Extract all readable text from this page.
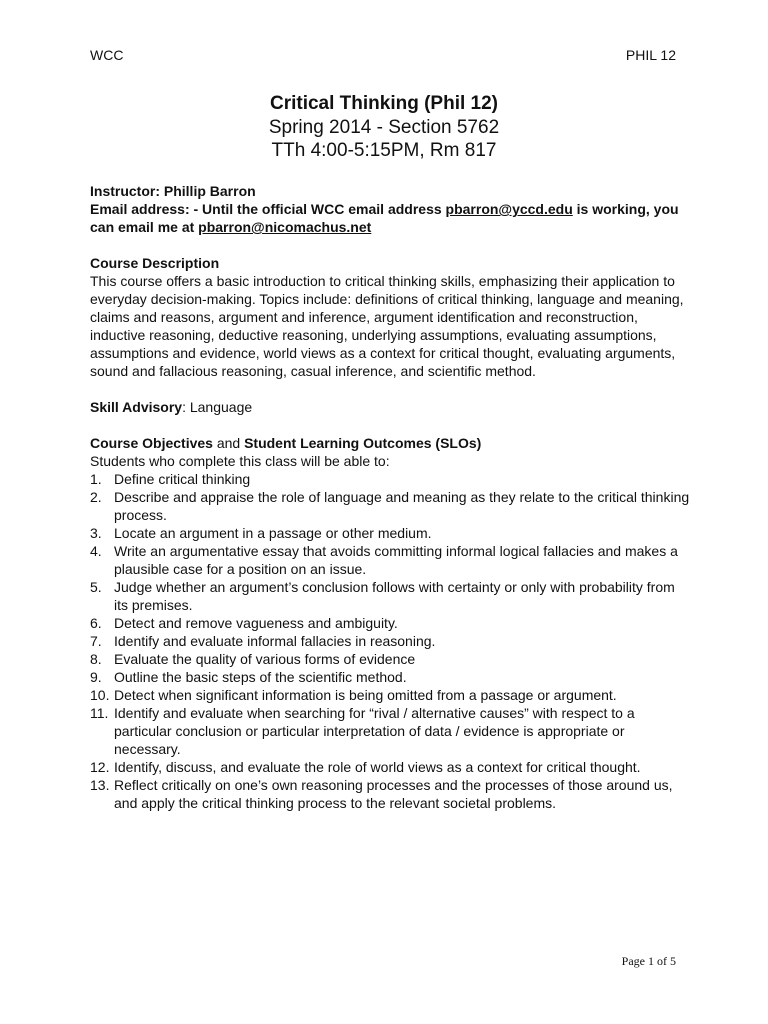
WCC	PHIL 12
Critical Thinking (Phil 12)
Spring 2014 - Section 5762
TTh 4:00-5:15PM, Rm 817
Instructor: Phillip Barron
Email address: - Until the official WCC email address pbarron@yccd.edu is working, you can email me at pbarron@nicomachus.net
Course Description

This course offers a basic introduction to critical thinking skills, emphasizing their application to everyday decision-making. Topics include: definitions of critical thinking, language and meaning, claims and reasons, argument and inference, argument identification and reconstruction, inductive reasoning, deductive reasoning, underlying assumptions, evaluating assumptions, assumptions and evidence, world views as a context for critical thought, evaluating arguments, sound and fallacious reasoning, casual inference, and scientific method.

Skill Advisory: Language
Course Objectives and Student Learning Outcomes (SLOs)
Students who complete this class will be able to:
1. Define critical thinking
2. Describe and appraise the role of language and meaning as they relate to the critical thinking process.
3. Locate an argument in a passage or other medium.
4. Write an argumentative essay that avoids committing informal logical fallacies and makes a plausible case for a position on an issue.
5. Judge whether an argument’s conclusion follows with certainty or only with probability from its premises.
6. Detect and remove vagueness and ambiguity.
7. Identify and evaluate informal fallacies in reasoning.
8. Evaluate the quality of various forms of evidence
9. Outline the basic steps of the scientific method.
10. Detect when significant information is being omitted from a passage or argument.
11. Identify and evaluate when searching for “rival / alternative causes” with respect to a particular conclusion or particular interpretation of data / evidence is appropriate or necessary.
12. Identify, discuss, and evaluate the role of world views as a context for critical thought.
13. Reflect critically on one’s own reasoning processes and the processes of those around us, and apply the critical thinking process to the relevant societal problems.
Page 1 of 5
